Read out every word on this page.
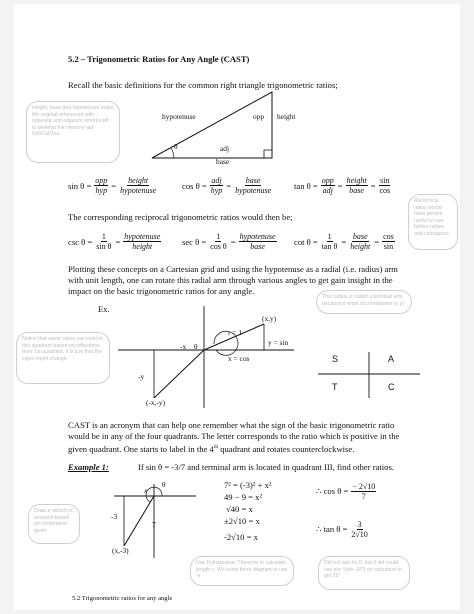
5.2 – Trigonometric Ratios for Any Angle (CAST)
Recall the basic definitions for the common right triangle trigonometric ratios;
Height, base and hypotenuse make the original references with opposite and adjacent introduced to develop the memory aid SohCahToa
hypotenuse	opp height
θ	adj
base
$\sin \theta = \frac{\text{opp}}{\text{hyp}} = \frac{\text{height}}{\text{hypotenuse}}$	$\cos \theta = \frac{\text{adj}}{\text{hyp}} = \frac{\text{base}}{\text{hypotenuse}}$	$\tan \theta = \frac{\text{opp}}{\text{adj}} = \frac{\text{height}}{\text{base}} = \frac{\sin}{\cos}$
Reciprocal ratios would have proven useful to use before tables and calculators
The corresponding reciprocal trigonometric ratios would then be;
$\csc \theta = \frac{1}{\text{sin θ}} = \frac{\text{hypotenuse}}{\text{height}}$ $\sec \theta = \frac{1}{\text{cos θ}} = \frac{\text{hypotenuse}}{\text{base}}$ $\cot \theta = \frac{1}{\text{tan θ}} = \frac{\text{base}}{\text{height}} = \frac{\cos}{\sin}$
Plotting these concepts on a Cartesian grid and using the hypotenuse as a radial (i.e. radius) arm
with unit length, one can rotate this radial arm through various angles to get gain insight in the
impact on the basic trigonometric ratios for any angle.
Ex.
This radius is called a terminal arm because it ends at coordinates (x,y)
Notice that same ratios can exist in this quadrant based on reflections from 1st quadrant. It is just that the signs might change.
(x,y)
r = 1
y = sin
-x θ
x = cos
-y
(-x,-y)
S	A
T	C
CAST is an acronym that can help one remember what the sign of the basic trigonometric ratio
would be in any of the four quadrants. The letter corresponds to the ratio which is positive in the
given quadrant. One starts to label in the 4th quadrant and rotates counterclockwise.
Example 1:	If sin θ = -3/7 and terminal arm is located in quadrant III, find other ratios.
Draw a sketch of scenario based on information given
x
θ
-3
7
(x,-3)
7² = (-3)² + x²
49 − 9 = x²
√40 = x
±2√10 = x
-2√10 = x
∴ $\cos \theta = \frac{- 2√10}{7}$
∴ $\tan \theta = \frac{3}{2√10}$
Use Pythagorean Theorem to calculate length x. We know there diagram to use -x
Did not ask for θ, but if did could use sin⁻¹(sin -3/7) on calculator to get 25°
5.2 Trigonometric ratios for any angle
